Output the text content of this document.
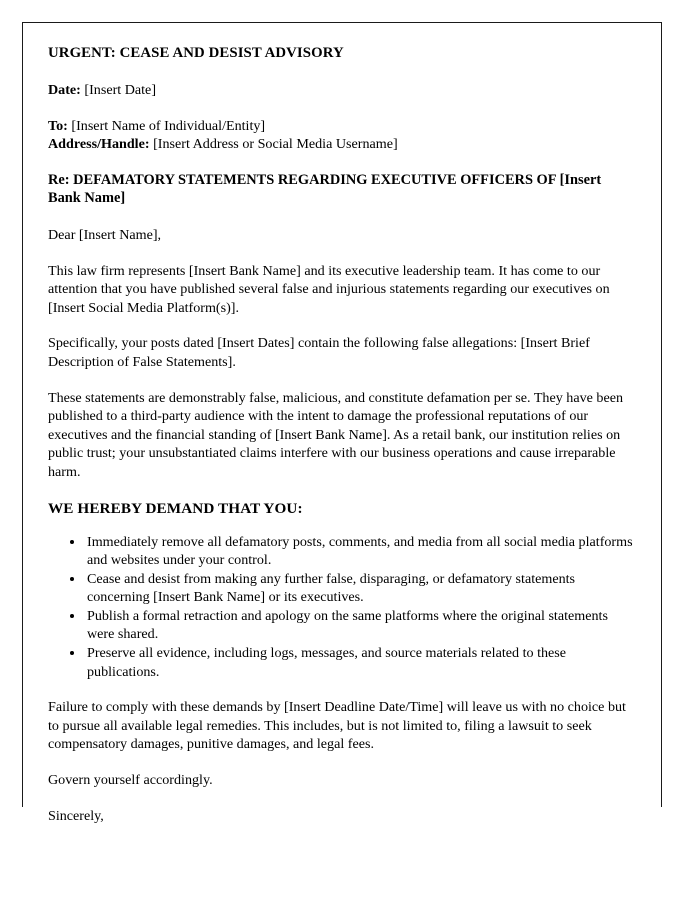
URGENT: CEASE AND DESIST ADVISORY
Date: [Insert Date]
To: [Insert Name of Individual/Entity]
Address/Handle: [Insert Address or Social Media Username]
Re: DEFAMATORY STATEMENTS REGARDING EXECUTIVE OFFICERS OF [Insert Bank Name]
Dear [Insert Name],

This law firm represents [Insert Bank Name] and its executive leadership team. It has come to our attention that you have published several false and injurious statements regarding our executives on [Insert Social Media Platform(s)].

Specifically, your posts dated [Insert Dates] contain the following false allegations: [Insert Brief Description of False Statements].

These statements are demonstrably false, malicious, and constitute defamation per se. They have been published to a third-party audience with the intent to damage the professional reputations of our executives and the financial standing of [Insert Bank Name]. As a retail bank, our institution relies on public trust; your unsubstantiated claims interfere with our business operations and cause irreparable harm.

WE HEREBY DEMAND THAT YOU:
• Immediately remove all defamatory posts, comments, and media from all social media platforms and websites under your control.
• Cease and desist from making any further false, disparaging, or defamatory statements concerning [Insert Bank Name] or its executives.
• Publish a formal retraction and apology on the same platforms where the original statements were shared.
• Preserve all evidence, including logs, messages, and source materials related to these publications.

Failure to comply with these demands by [Insert Deadline Date/Time] will leave us with no choice but to pursue all available legal remedies. This includes, but is not limited to, filing a lawsuit to seek compensatory damages, punitive damages, and legal fees.

Govern yourself accordingly.
Sincerely,
